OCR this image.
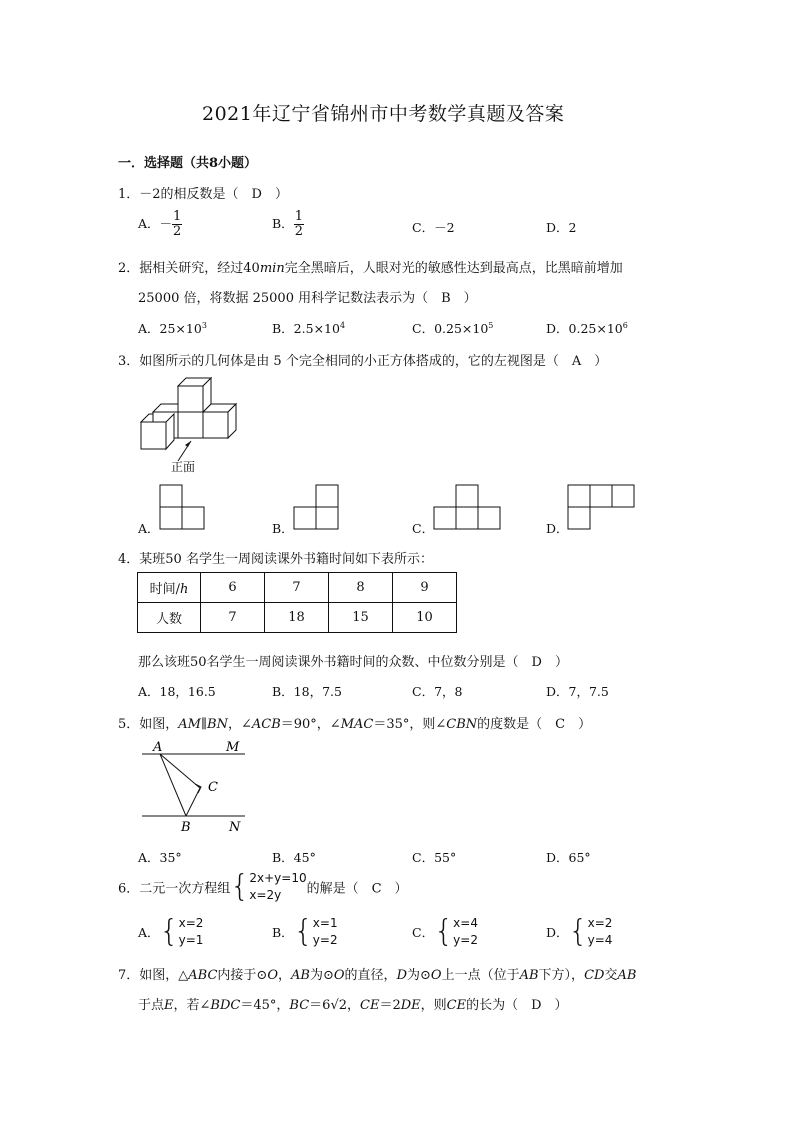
2021年辽宁省锦州市中考数学真题及答案
一．选择题（共8小题）
1．－2的相反数是（　D　）
A．－ $\frac{1}{2}$	B． $\frac{1}{2}$	C．－2	D．2
2．据相关研究，经过40min完全黑暗后，人眼对光的敏感性达到最高点，比黑暗前增加
25000 倍，将数据 25000 用科学记数法表示为（　B　）
A．$25\times 10^3$	B．$2.5\times 10^4$	C．$0.25\times 10^5$	D．$0.25\times 10^6$
3．如图所示的几何体是由 5 个完全相同的小正方体搭成的，它的左视图是（　A　）
正面
A．	B．	C．	D．
4．某班50 名学生一周阅读课外书籍时间如下表所示：
时间/h	6	7	8	9
人数	7	18	15	10
那么该班50名学生一周阅读课外书籍时间的众数、中位数分别是（　D　）
A．18，16.5	B．18，7.5	C．7，8	D．7，7.5
5．如图，AM∥BN，∠ACB＝90°，∠MAC＝35°，则∠CBN的度数是（　C　）
A	M
C
B	N
A．35°	B．45°	C．55°	D．65°
6．二元一次方程组{ 2x+y=10
x=2y	的解是（　C　）
A．{ x=2
y=1	B．{ x=1
y=2	C．{ x=4
y=2	D．{ x=2
y=4
7．如图，△ABC内接于⊙O，AB为⊙O的直径，D为⊙O上一点（位于AB下方），CD交AB
于点E，若∠BDC＝45°，BC＝6√2，CE＝2DE，则CE的长为（　D　）
